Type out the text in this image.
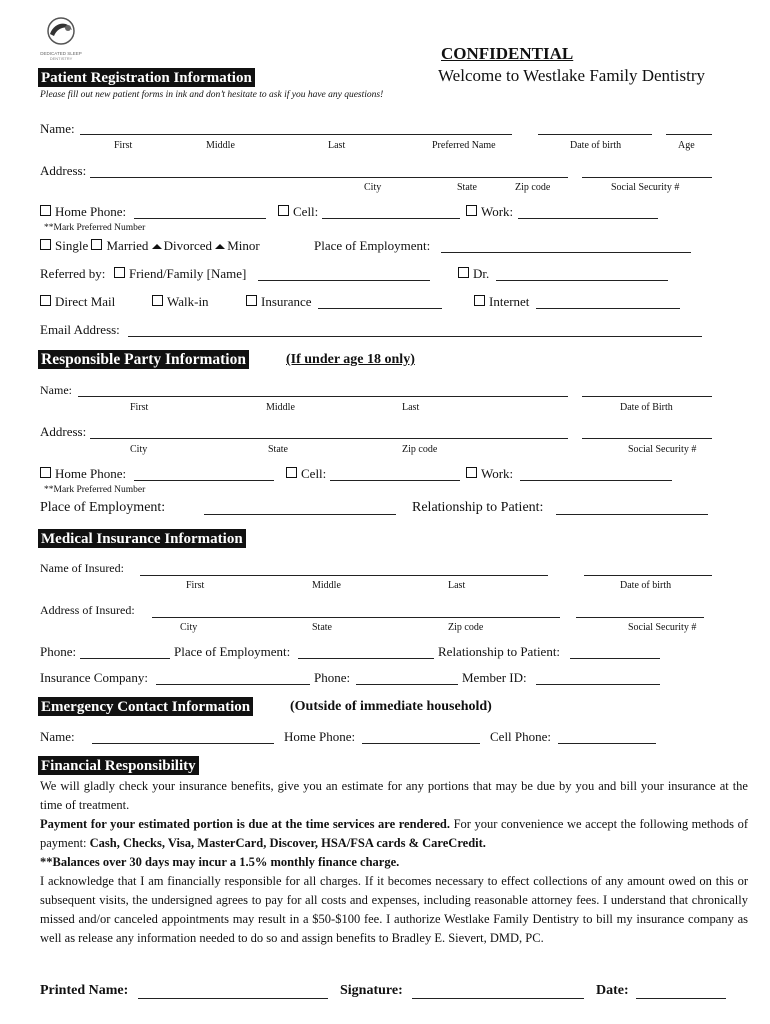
DEDICATED SLEEP
DENTISTRY	CONFIDENTIAL
Welcome to Westlake Family Dentistry
Patient Registration Information
Please fill out new patient forms in ink and don’t hesitate to ask if you have any questions!
Name:
First	Middle	Last	Preferred Name	Date of birth	Age
Address:
City	State	Zip code	Social Security #
Home Phone:	Cell:	Work:
**Mark Preferred Number
Single Married Divorced Minor	Place of Employment:
Referred by:	Friend/Family [Name]	Dr.
Direct Mail	Walk-in	Insurance	Internet
Email Address:
Responsible Party Information	(If under age 18 only)
Name:
First	Middle	Last	Date of Birth
Address:
City	State	Zip code	Social Security #
Home Phone:	Cell:	Work:
**Mark Preferred Number
Place of Employment:	Relationship to Patient:
Medical Insurance Information
Name of Insured:
First	Middle	Last	Date of birth
Address of Insured:
City	State	Zip code	Social Security #
Phone:	Place of Employment:	Relationship to Patient:
Insurance Company:	Phone:	Member ID:
Emergency Contact Information	(Outside of immediate household)
Name:	Home Phone:	Cell Phone:
Financial Responsibility

We will gladly check your insurance benefits, give you an estimate for any portions that may be due by you and bill your insurance at the time of treatment.

Payment for your estimated portion is due at the time services are rendered. For your convenience we accept the following methods of payment: Cash, Checks, Visa, MasterCard, Discover, HSA/FSA cards & CareCredit.

**Balances over 30 days may incur a 1.5% monthly finance charge.

I acknowledge that I am financially responsible for all charges. If it becomes necessary to effect collections of any amount owed on this or subsequent visits, the undersigned agrees to pay for all costs and expenses, including reasonable attorney fees. I understand that chronically missed and/or canceled appointments may result in a $50-$100 fee. I authorize Westlake Family Dentistry to bill my insurance company as well as release any information needed to do so and assign benefits to Bradley E. Sievert, DMD, PC.

Printed Name:	Signature:	Date:
